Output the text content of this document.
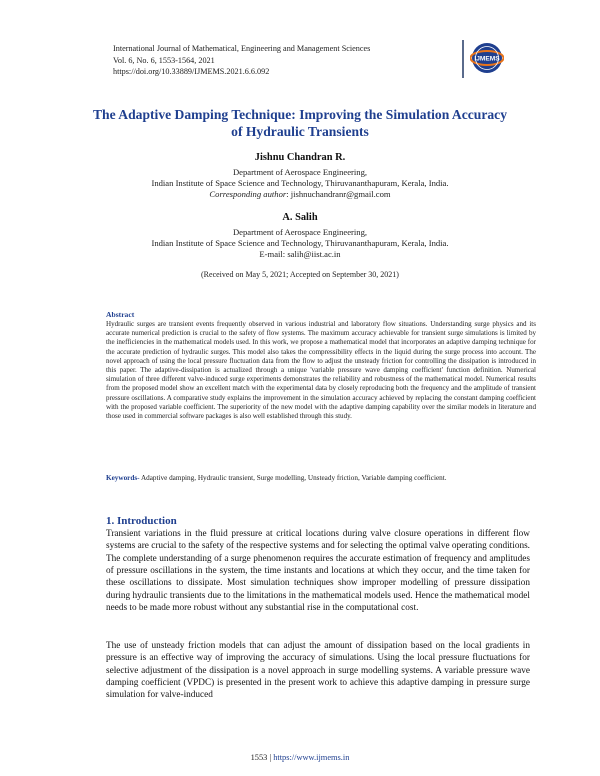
International Journal of Mathematical, Engineering and Management Sciences
Vol. 6, No. 6, 1553-1564, 2021
https://doi.org/10.33889/IJMEMS.2021.6.6.092
IJMEMS
The Adaptive Damping Technique: Improving the Simulation Accuracy
of Hydraulic Transients
Jishnu Chandran R.
Department of Aerospace Engineering,
Indian Institute of Space Science and Technology, Thiruvananthapuram, Kerala, India.
Corresponding author: jishnuchandranr@gmail.com
A. Salih
Department of Aerospace Engineering,
Indian Institute of Space Science and Technology, Thiruvananthapuram, Kerala, India.
E-mail: salih@iist.ac.in
(Received on May 5, 2021; Accepted on September 30, 2021)
Abstract
Hydraulic surges are transient events frequently observed in various industrial and laboratory flow situations. Understanding surge physics and its accurate numerical prediction is crucial to the safety of flow systems. The maximum accuracy achievable for transient surge simulations is limited by the inefficiencies in the mathematical models used. In this work, we propose a mathematical model that incorporates an adaptive damping technique for the accurate prediction of hydraulic surges. This model also takes the compressibility effects in the liquid during the surge process into account. The novel approach of using the local pressure fluctuation data from the flow to adjust the unsteady friction for controlling the dissipation is introduced in this paper. The adaptive-dissipation is actualized through a unique 'variable pressure wave damping coefficient' function definition. Numerical simulation of three different valve-induced surge experiments demonstrates the reliability and robustness of the mathematical model. Numerical results from the proposed model show an excellent match with the experimental data by closely reproducing both the frequency and the amplitude of transient pressure oscillations. A comparative study explains the improvement in the simulation accuracy achieved by replacing the constant damping coefficient with the proposed variable coefficient. The superiority of the new model with the adaptive damping capability over the similar models in literature and those used in commercial software packages is also well established through this study.
Keywords- Adaptive damping, Hydraulic transient, Surge modelling, Unsteady friction, Variable damping coefficient.
1. Introduction
Transient variations in the fluid pressure at critical locations during valve closure operations in different flow systems are crucial to the safety of the respective systems and for selecting the optimal valve operating conditions. The complete understanding of a surge phenomenon requires the accurate estimation of frequency and amplitudes of pressure oscillations in the system, the time instants and locations at which they occur, and the time taken for these oscillations to dissipate. Most simulation techniques show improper modelling of pressure dissipation during hydraulic transients due to the limitations in the mathematical models used. Hence the mathematical model needs to be made more robust without any substantial rise in the computational cost.
The use of unsteady friction models that can adjust the amount of dissipation based on the local gradients in pressure is an effective way of improving the accuracy of simulations. Using the local pressure fluctuations for selective adjustment of the dissipation is a novel approach in surge modelling systems. A variable pressure wave damping coefficient (VPDC) is presented in the present work to achieve this adaptive damping in pressure surge simulation for valve-induced
1553 | https://www.ijmems.in
